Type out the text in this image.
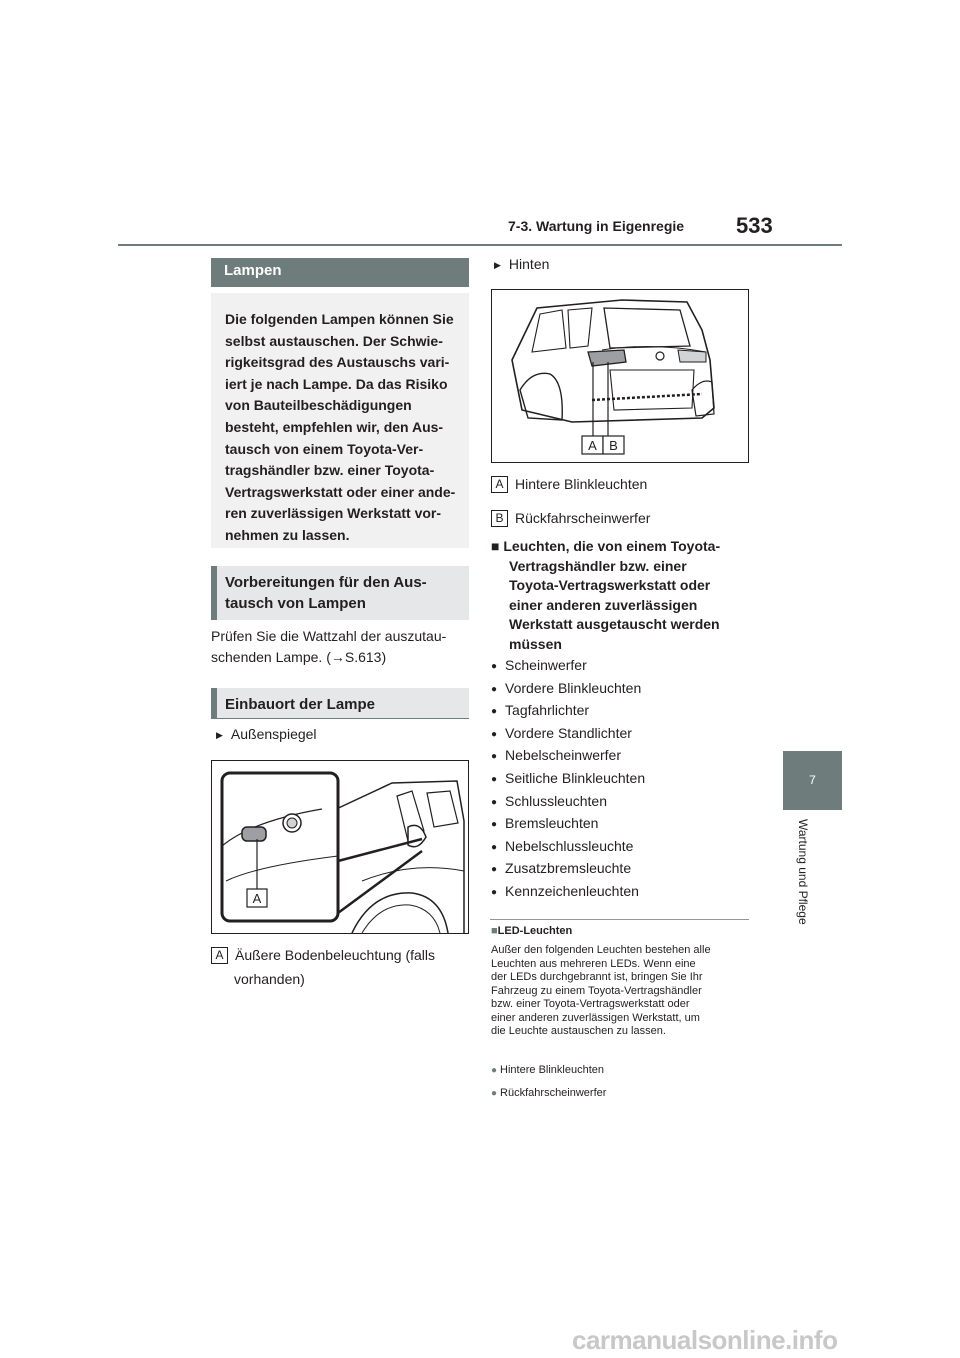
7-3. Wartung in Eigenregie 533
7
Wartung und Pflege
Lampen
Die folgenden Lampen können Sie
selbst austauschen. Der Schwie-
rigkeitsgrad des Austauschs vari-
iert je nach Lampe. Da das Risiko
von Bauteilbeschädigungen
besteht, empfehlen wir, den Aus-
tausch von einem Toyota-Ver-
tragshändler bzw. einer Toyota-
Vertragswerkstatt oder einer ande-
ren zuverlässigen Werkstatt vor-
nehmen zu lassen.
Vorbereitungen für den Aus-
tausch von Lampen
Prüfen Sie die Wattzahl der auszutau-
schenden Lampe. (→S.613)
Einbauort der Lampe
▶ Außenspiegel
A
A Äußere Bodenbeleuchtung (falls
vorhanden)
▶ Hinten
A B
A Hintere Blinkleuchten
B Rückfahrscheinwerfer
■ Leuchten, die von einem Toyota-
Vertragshändler bzw. einer
Toyota-Vertragswerkstatt oder
einer anderen zuverlässigen
Werkstatt ausgetauscht werden
müssen
● Scheinwerfer
● Vordere Blinkleuchten
● Tagfahrlichter
● Vordere Standlichter
● Nebelscheinwerfer
● Seitliche Blinkleuchten
● Schlussleuchten
● Bremsleuchten
● Nebelschlussleuchte
● Zusatzbremsleuchte
● Kennzeichenleuchten
■LED-Leuchten
Außer den folgenden Leuchten bestehen alle
Leuchten aus mehreren LEDs. Wenn eine
der LEDs durchgebrannt ist, bringen Sie Ihr
Fahrzeug zu einem Toyota-Vertragshändler
bzw. einer Toyota-Vertragswerkstatt oder
einer anderen zuverlässigen Werkstatt, um
die Leuchte austauschen zu lassen.
● Hintere Blinkleuchten
● Rückfahrscheinwerfer
carmanualsonline.info
